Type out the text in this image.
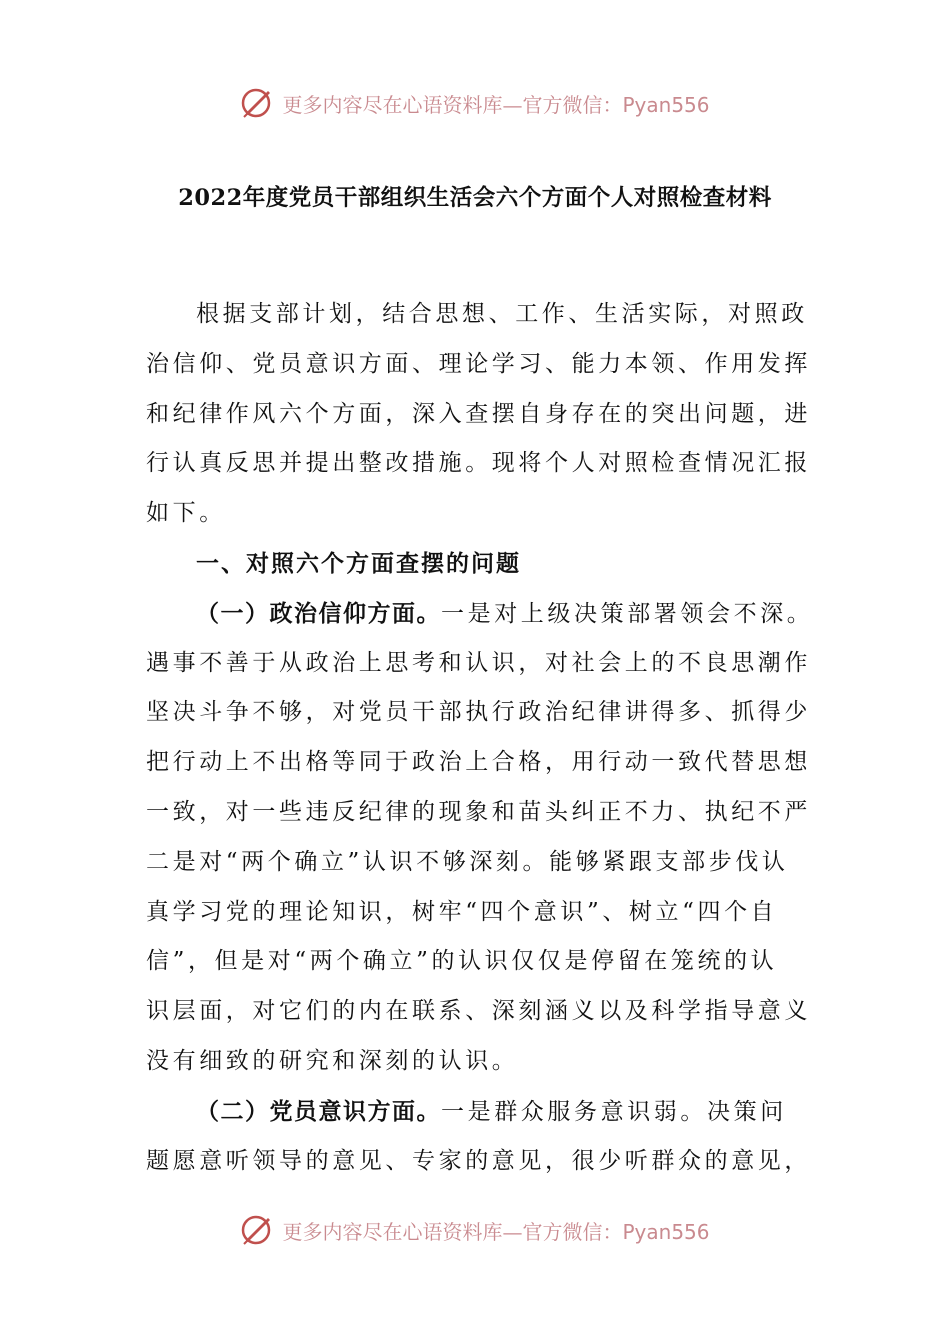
更多内容尽在心语资料库—官方微信：Pyan556
2022年度党员干部组织生活会六个方面个人对照检查材料
根据支部计划，结合思想、工作、生活实际，对照政
治信仰、党员意识方面、理论学习、能力本领、作用发挥
和纪律作风六个方面，深入查摆自身存在的突出问题，进
行认真反思并提出整改措施。现将个人对照检查情况汇报
如下。
一、对照六个方面查摆的问题
（一）政治信仰方面。一是对上级决策部署领会不深。
遇事不善于从政治上思考和认识，对社会上的不良思潮作
坚决斗争不够，对党员干部执行政治纪律讲得多、抓得少
把行动上不出格等同于政治上合格，用行动一致代替思想
一致，对一些违反纪律的现象和苗头纠正不力、执纪不严
二是对“两个确立”认识不够深刻。能够紧跟支部步伐认
真学习党的理论知识，树牢“四个意识”、树立“四个自
信”，但是对“两个确立”的认识仅仅是停留在笼统的认
识层面，对它们的内在联系、深刻涵义以及科学指导意义
没有细致的研究和深刻的认识。
（二）党员意识方面。一是群众服务意识弱。决策问
题愿意听领导的意见、专家的意见，很少听群众的意见，
更多内容尽在心语资料库—官方微信：Pyan556
